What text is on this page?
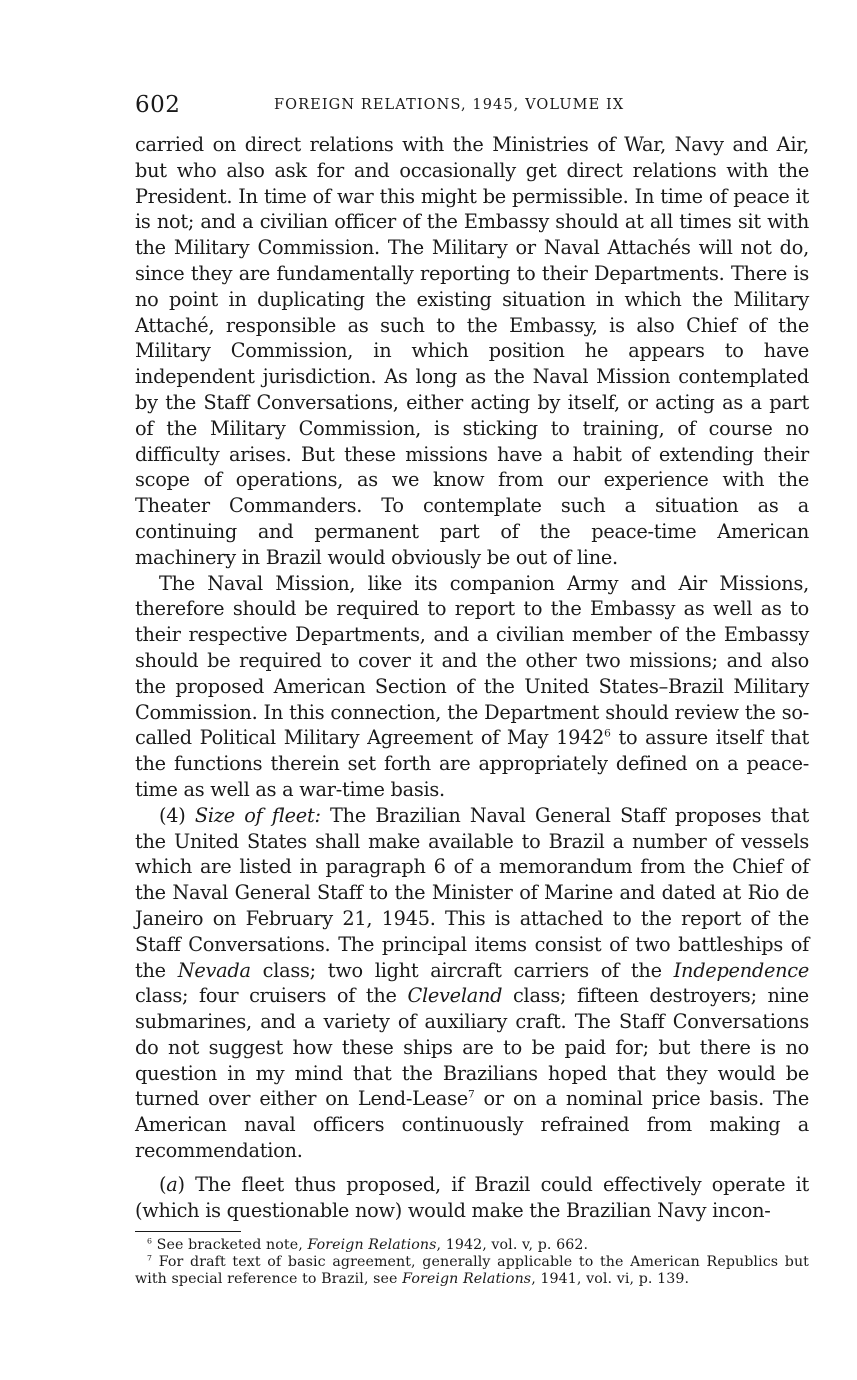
602	FOREIGN RELATIONS, 1945, VOLUME IX

carried on direct relations with the Ministries of War, Navy and Air, but who also ask for and occasionally get direct relations with the President. In time of war this might be permissible. In time of peace it is not; and a civilian officer of the Embassy should at all times sit with the Military Commission. The Military or Naval Attachés will not do, since they are fundamentally reporting to their Departments. There is no point in duplicating the existing situation in which the Military Attaché, responsible as such to the Embassy, is also Chief of the Military Commission, in which position he appears to have independent jurisdiction. As long as the Naval Mission contemplated by the Staff Conversations, either acting by itself, or acting as a part of the Military Commission, is sticking to training, of course no difficulty arises. But these missions have a habit of extending their scope of operations, as we know from our experience with the Theater Commanders. To contemplate such a situation as a continuing and permanent part of the peace-time American machinery in Brazil would obviously be out of line.

The Naval Mission, like its companion Army and Air Missions, therefore should be required to report to the Embassy as well as to their respective Departments, and a civilian member of the Embassy should be required to cover it and the other two missions; and also the proposed American Section of the United States–Brazil Military Commission. In this connection, the Department should review the so-called Political Military Agreement of May 1942$^6$ to assure itself that the functions therein set forth are appropriately defined on a peace-time as well as a war-time basis.

(4) Size of fleet: The Brazilian Naval General Staff proposes that the United States shall make available to Brazil a number of vessels which are listed in paragraph 6 of a memorandum from the Chief of the Naval General Staff to the Minister of Marine and dated at Rio de Janeiro on February 21, 1945. This is attached to the report of the Staff Conversations. The principal items consist of two battleships of the Nevada class; two light aircraft carriers of the Independence class; four cruisers of the Cleveland class; fifteen destroyers; nine submarines, and a variety of auxiliary craft. The Staff Conversations do not suggest how these ships are to be paid for; but there is no question in my mind that the Brazilians hoped that they would be turned over either on Lend-Lease$^7$ or on a nominal price basis. The American naval officers continuously refrained from making a recommendation.

(a) The fleet thus proposed, if Brazil could effectively operate it (which is questionable now) would make the Brazilian Navy incon-

$^6$ See bracketed note, Foreign Relations, 1942, vol. v, p. 662.

$^7$ For draft text of basic agreement, generally applicable to the American Republics but with special reference to Brazil, see Foreign Relations, 1941, vol. vi, p. 139.
